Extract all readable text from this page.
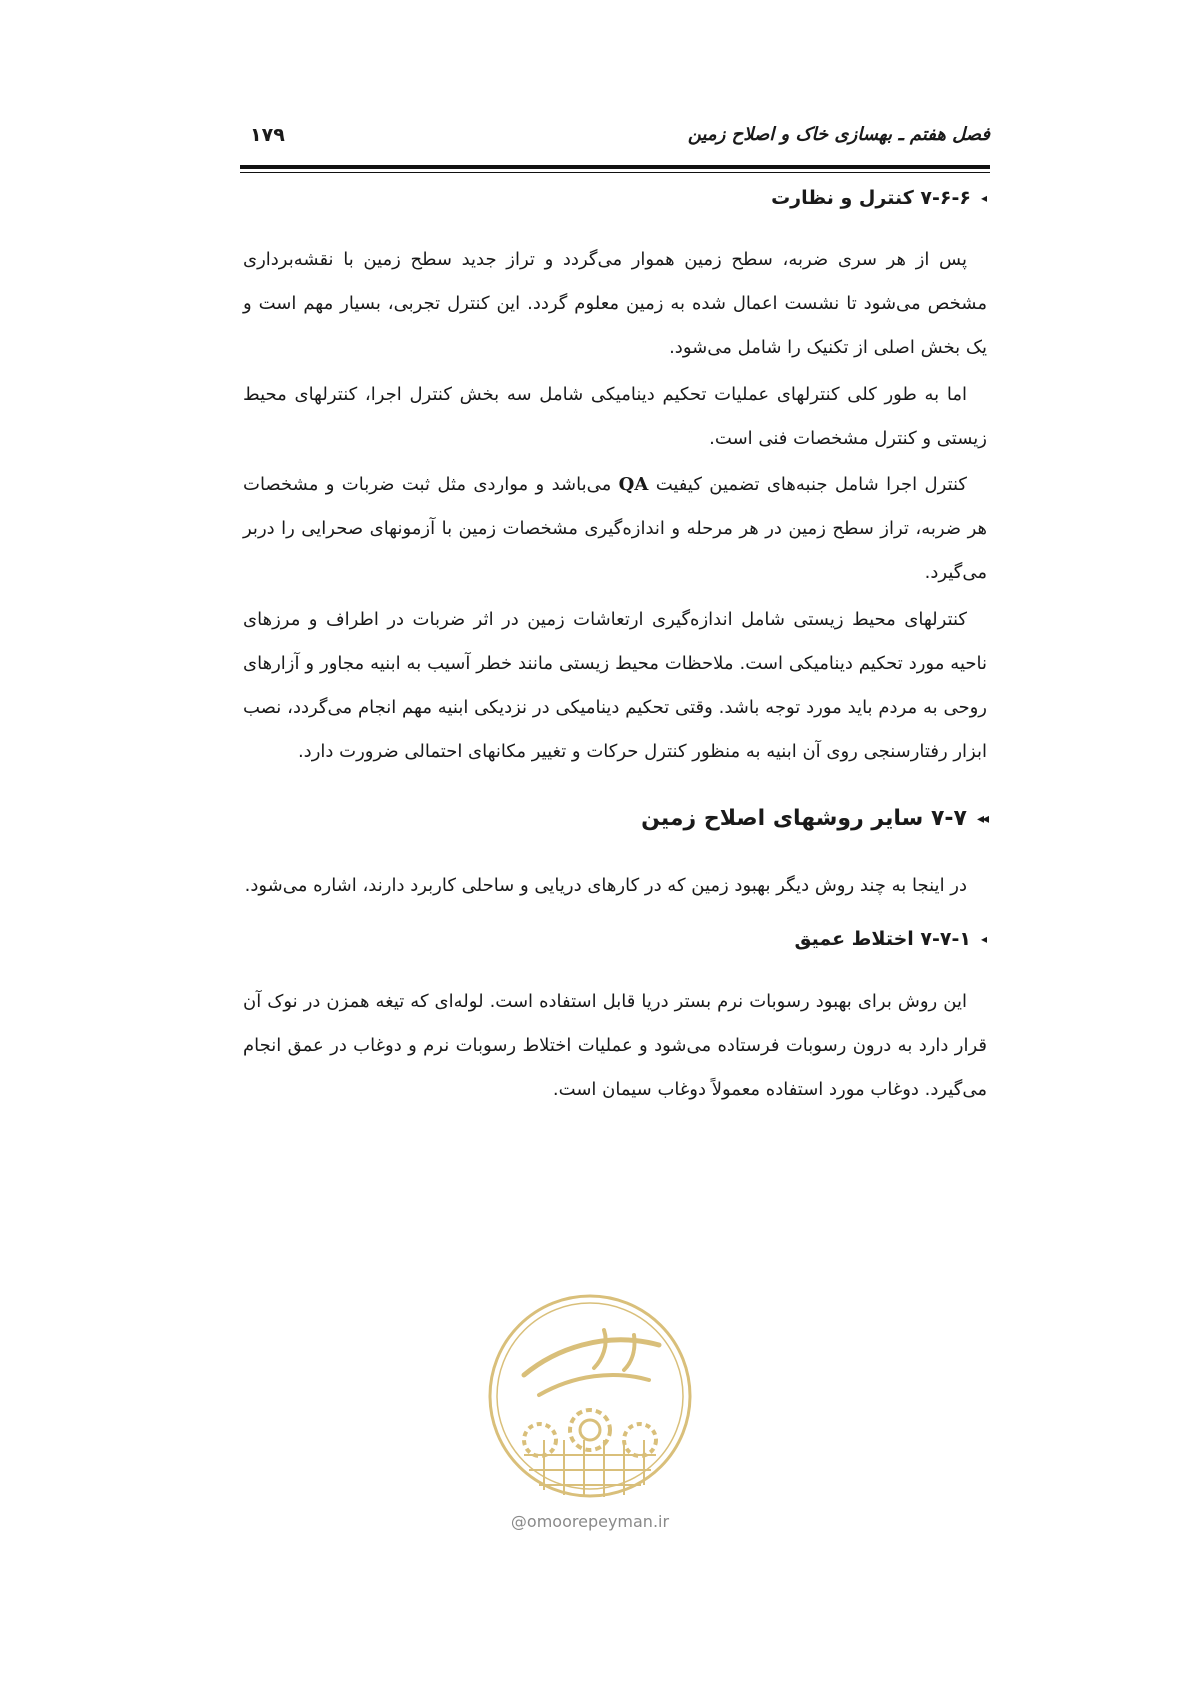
فصل هفتم ـ بهسازی خاک و اصلاح زمین
۱۷۹
◂
۷-۶-۶ کنترل و نظارت

پس از هر سری ضربه، سطح زمین هموار می‌گردد و تراز جدید سطح زمین با نقشه‌برداری مشخص می‌شود تا نشست اعمال شده به زمین معلوم گردد. این کنترل تجربی، بسیار مهم است و یک بخش اصلی از تکنیک را شامل می‌شود.

اما به طور کلی کنترلهای عملیات تحکیم دینامیکی شامل سه بخش کنترل اجرا، کنترلهای محیط زیستی و کنترل مشخصات فنی است.

کنترل اجرا شامل جنبه‌های تضمین کیفیت QA می‌باشد و مواردی مثل ثبت ضربات و مشخصات هر ضربه، تراز سطح زمین در هر مرحله و اندازه‌گیری مشخصات زمین با آزمونهای صحرایی را دربر می‌گیرد.

کنترلهای محیط زیستی شامل اندازه‌گیری ارتعاشات زمین در اثر ضربات در اطراف و مرزهای ناحیه مورد تحکیم دینامیکی است. ملاحظات محیط زیستی مانند خطر آسیب به ابنیه مجاور و آزارهای روحی به مردم باید مورد توجه باشد. وقتی تحکیم دینامیکی در نزدیکی ابنیه مهم انجام می‌گردد، نصب ابزار رفتارسنجی روی آن ابنیه به منظور کنترل حرکات و تغییر مکانهای احتمالی ضرورت دارد.

◂◂
۷-۷ سایر روشهای اصلاح زمین

در اینجا به چند روش دیگر بهبود زمین که در کارهای دریایی و ساحلی کاربرد دارند، اشاره می‌شود.

◂
۷-۷-۱ اختلاط عمیق

این روش برای بهبود رسوبات نرم بستر دریا قابل استفاده است. لوله‌ای که تیغه همزن در نوک آن قرار دارد به درون رسوبات فرستاده می‌شود و عملیات اختلاط رسوبات نرم و دوغاب در عمق انجام می‌گیرد. دوغاب مورد استفاده معمولاً دوغاب سیمان است.

@omoorepeyman.ir
